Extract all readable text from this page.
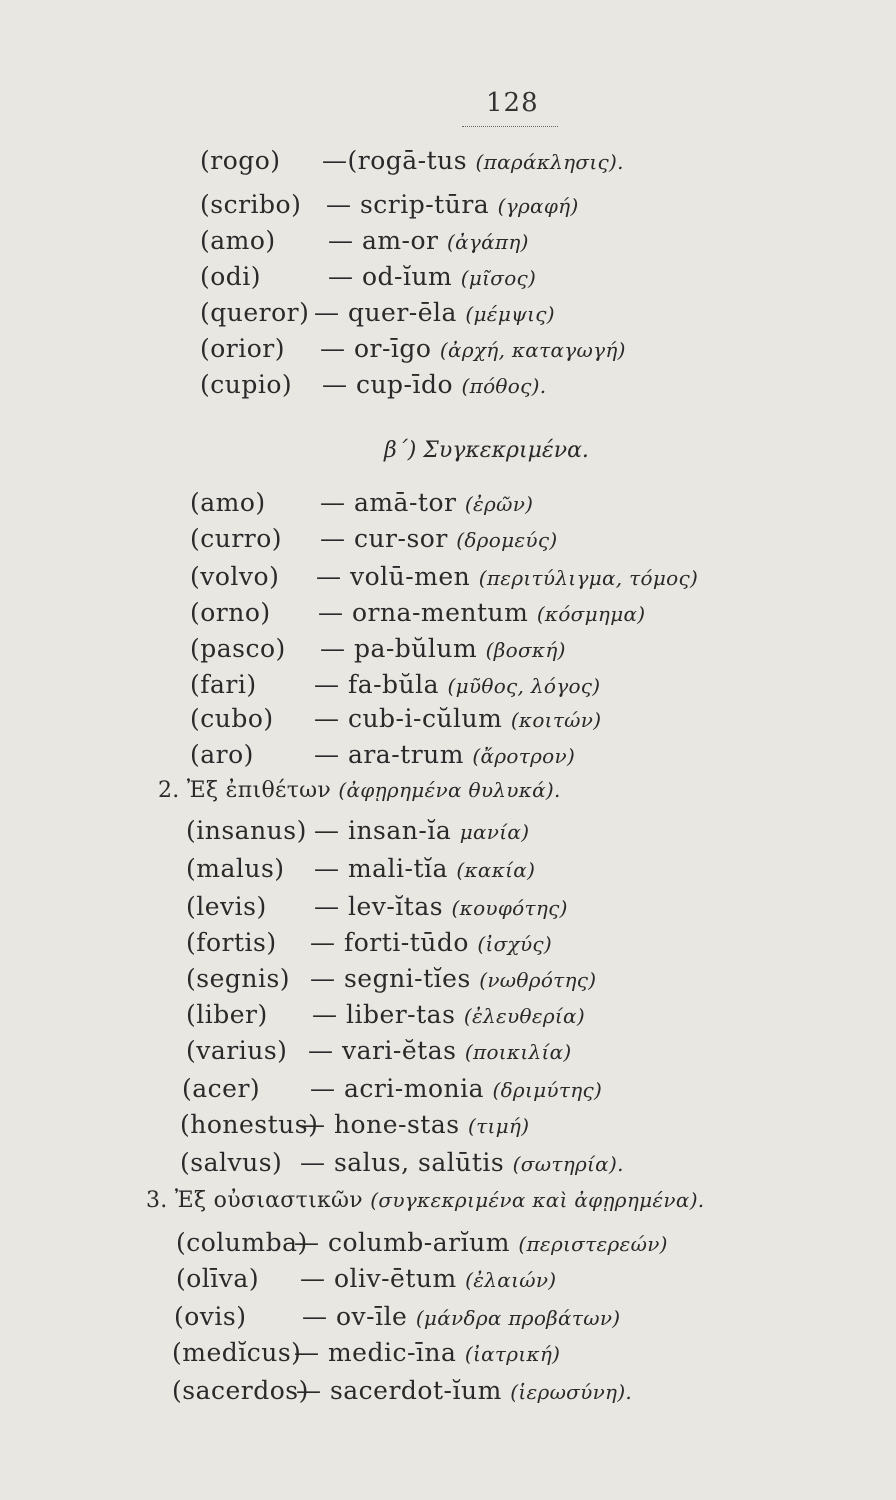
128
(rogo) —(rogā-tus (παράκλησις).
(scribo) — scrip-tūra (γραφή)
(amo) — am-or (ἀγάπη)
(odi)	— od-ĭum (μῖσος)
(queror) — quer-ēla (μέμψις)
(orior) — or-īgo (ἀρχή, καταγωγή)
(cupio) — cup-īdo (πόθος).
β΄) Συγκεκριμένα.
(amo) — amā-tor (ἐρῶν)
(curro) — cur-sor (δρομεύς)
(volvo) — volū-men (περιτύλιγμα, τόμος)
(orno) — orna-mentum (κόσμημα)
(pasco) — pa-bŭlum (βοσκή)
(fari) — fa-bŭla (μῦθος, λόγος)
(cubo) — cub-i-cŭlum (κοιτών)
(aro) — ara-trum (ἄροτρον)
2. Ἐξ ἐπιθέτων (ἀφῃρημένα θυλυκά).
(insanus) — insan-ĭa μανία)
(malus) — mali-tĭa (κακία)
(levis) — lev-ĭtas (κουφότης)
(fortis) — forti-tūdo (ἰσχύς)
(segnis) — segni-tĭes (νωθρότης)
(liber) — liber-tas (ἐλευθερία)
(varius) — vari-ĕtas (ποικιλία)
(acer) — acri-monia (δριμύτης)
(honestus)
— hone-stas (τιμή)
(salvus) — salus, salūtis (σωτηρία).
3. Ἐξ οὐσιαστικῶν (συγκεκριμένα καὶ ἀφῃρημένα).
(columba)
— columb-arĭum (περιστερεών)
(olīva) — oliv-ētum (ἐλαιών)
(ovis) — ov-īle (μάνδρα προβάτων)
(medĭcus)
— medic-īna (ἰατρική)
(sacerdos)
— sacerdot-ĭum (ἱερωσύνη).
